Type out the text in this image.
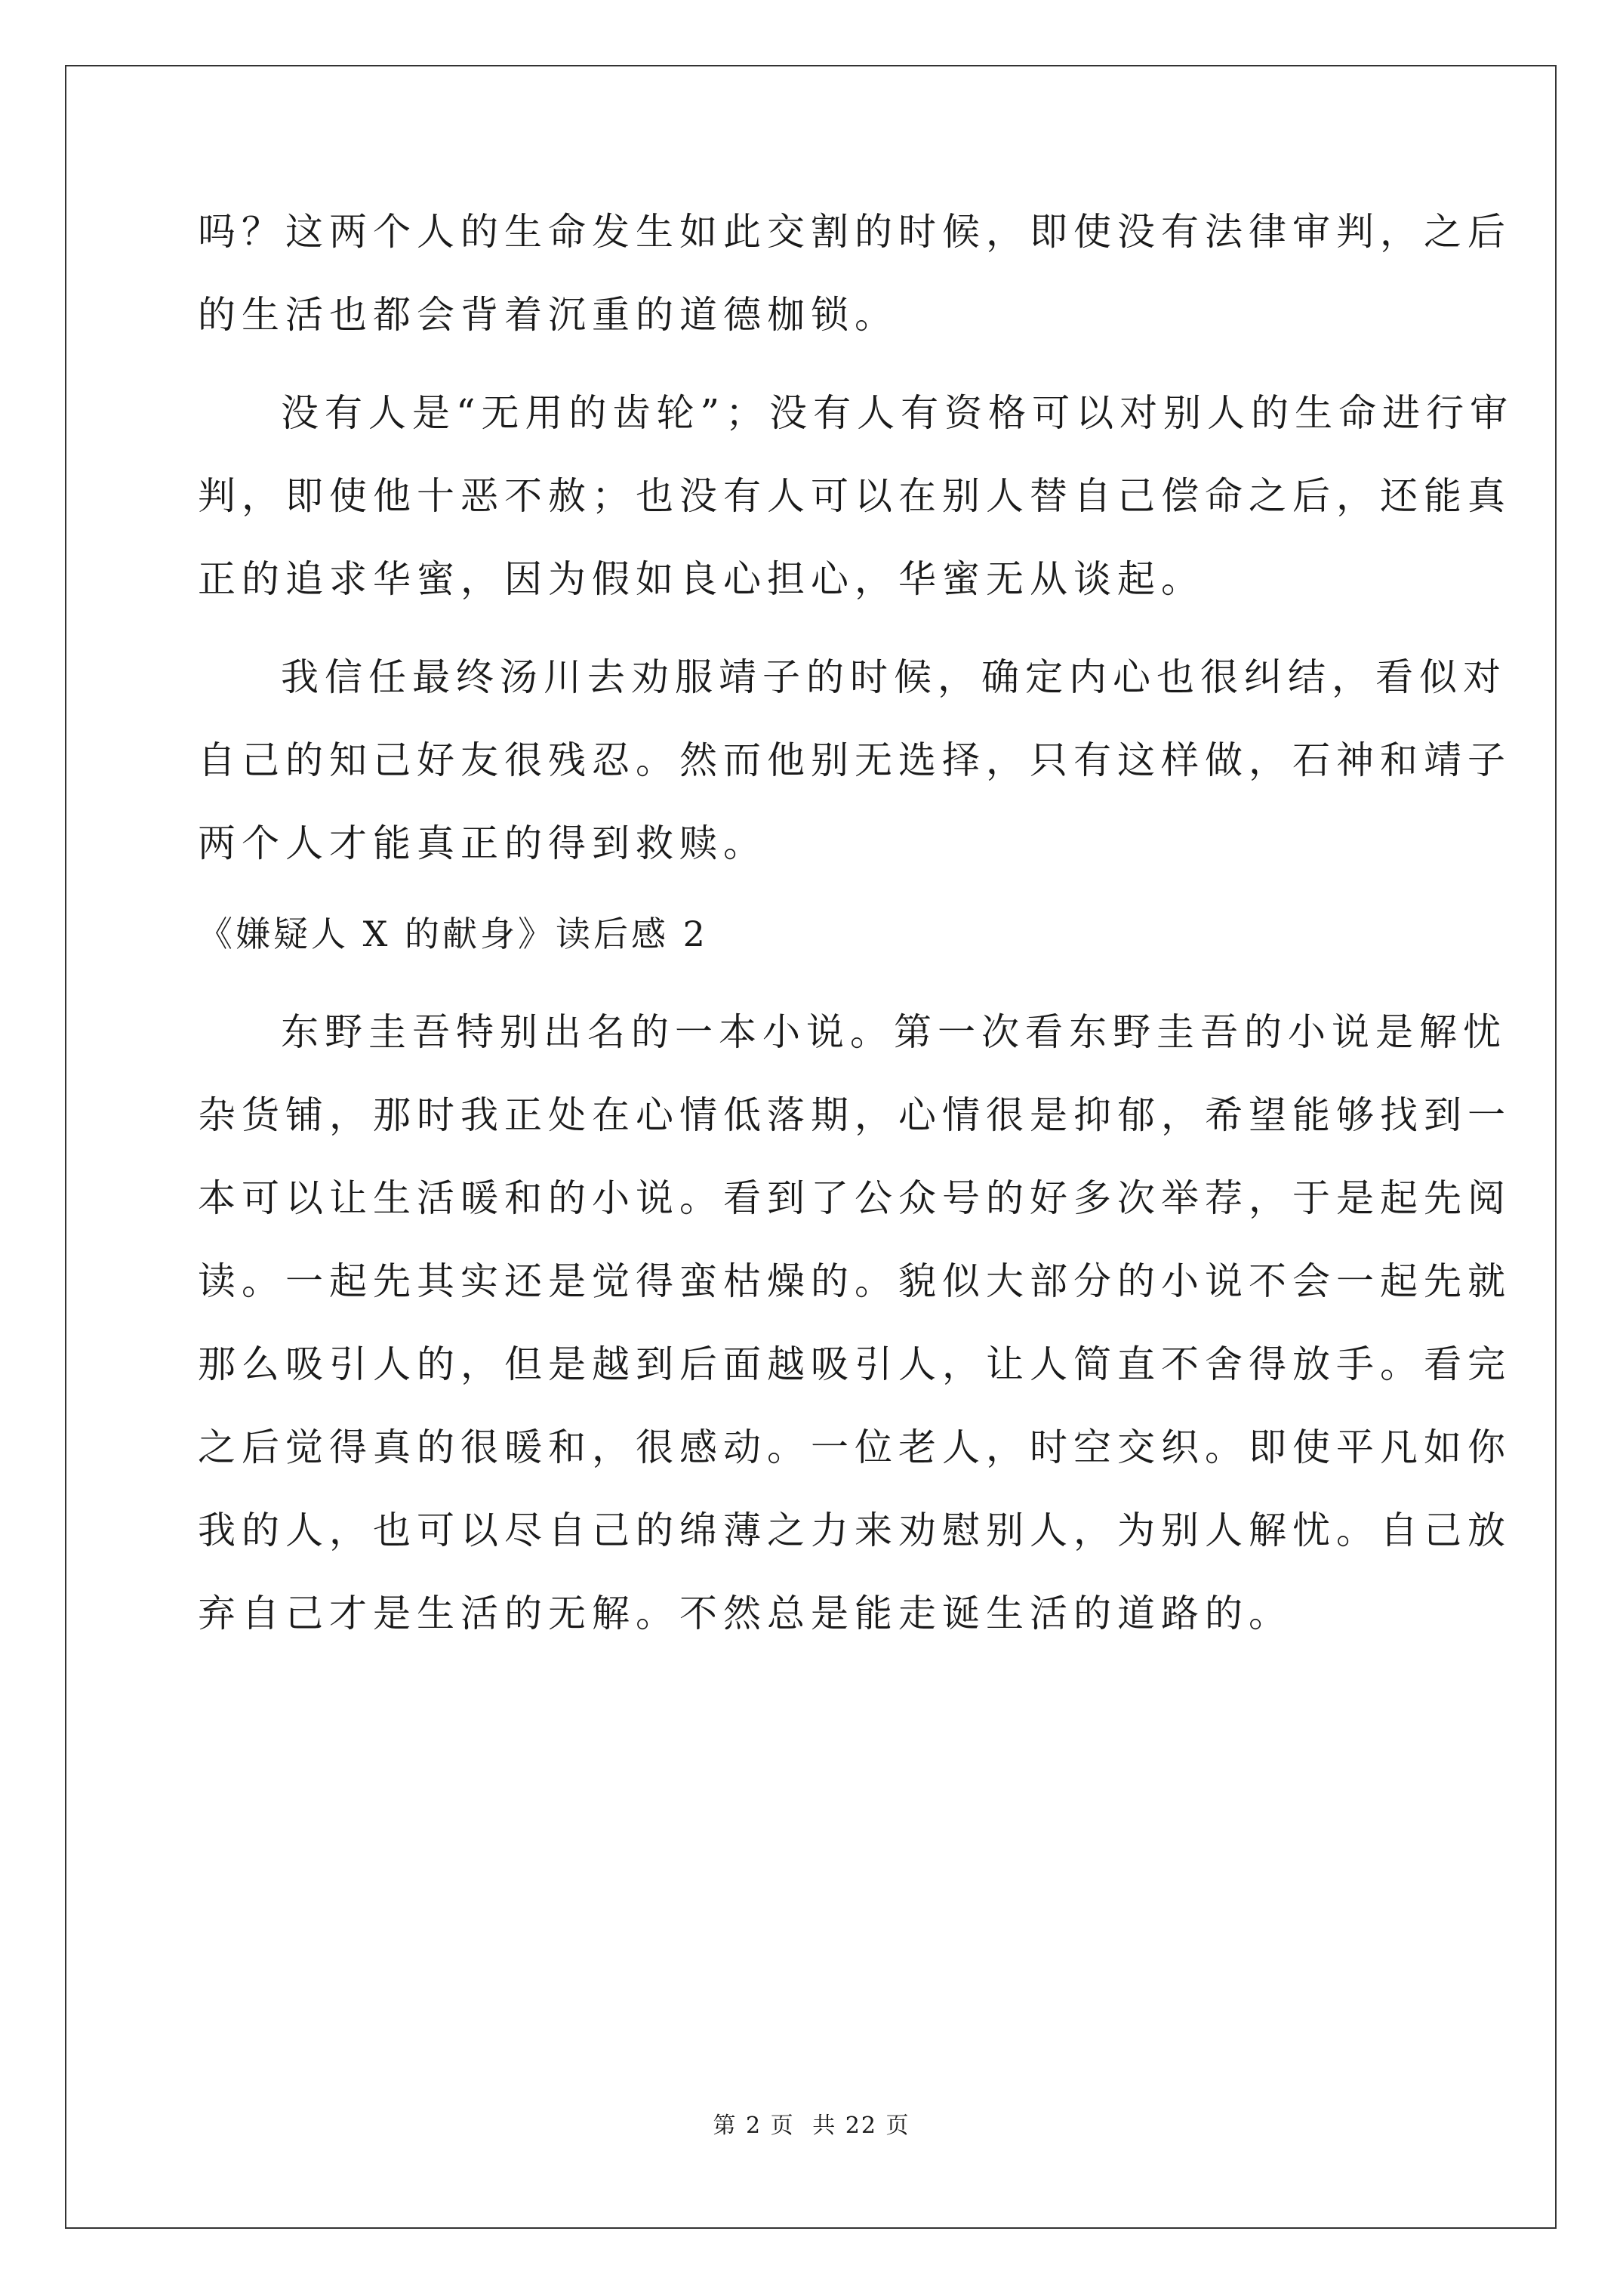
吗？这两个人的生命发生如此交割的时候，即使没有法律审判，之后
的生活也都会背着沉重的道德枷锁。
没有人是“无用的齿轮”；没有人有资格可以对别人的生命进行审
判，即使他十恶不赦；也没有人可以在别人替自己偿命之后，还能真
正的追求华蜜，因为假如良心担心，华蜜无从谈起。
我信任最终汤川去劝服靖子的时候，确定内心也很纠结，看似对
自己的知己好友很残忍。然而他别无选择，只有这样做，石神和靖子
两个人才能真正的得到救赎。
《嫌疑人 X 的献身》读后感 2
东野圭吾特别出名的一本小说。第一次看东野圭吾的小说是解忧
杂货铺，那时我正处在心情低落期，心情很是抑郁，希望能够找到一
本可以让生活暖和的小说。看到了公众号的好多次举荐，于是起先阅
读。一起先其实还是觉得蛮枯燥的。貌似大部分的小说不会一起先就
那么吸引人的，但是越到后面越吸引人，让人简直不舍得放手。看完
之后觉得真的很暖和，很感动。一位老人，时空交织。即使平凡如你
我的人，也可以尽自己的绵薄之力来劝慰别人，为别人解忧。自己放
弃自己才是生活的无解。不然总是能走诞生活的道路的。
第 2 页 共 22 页
